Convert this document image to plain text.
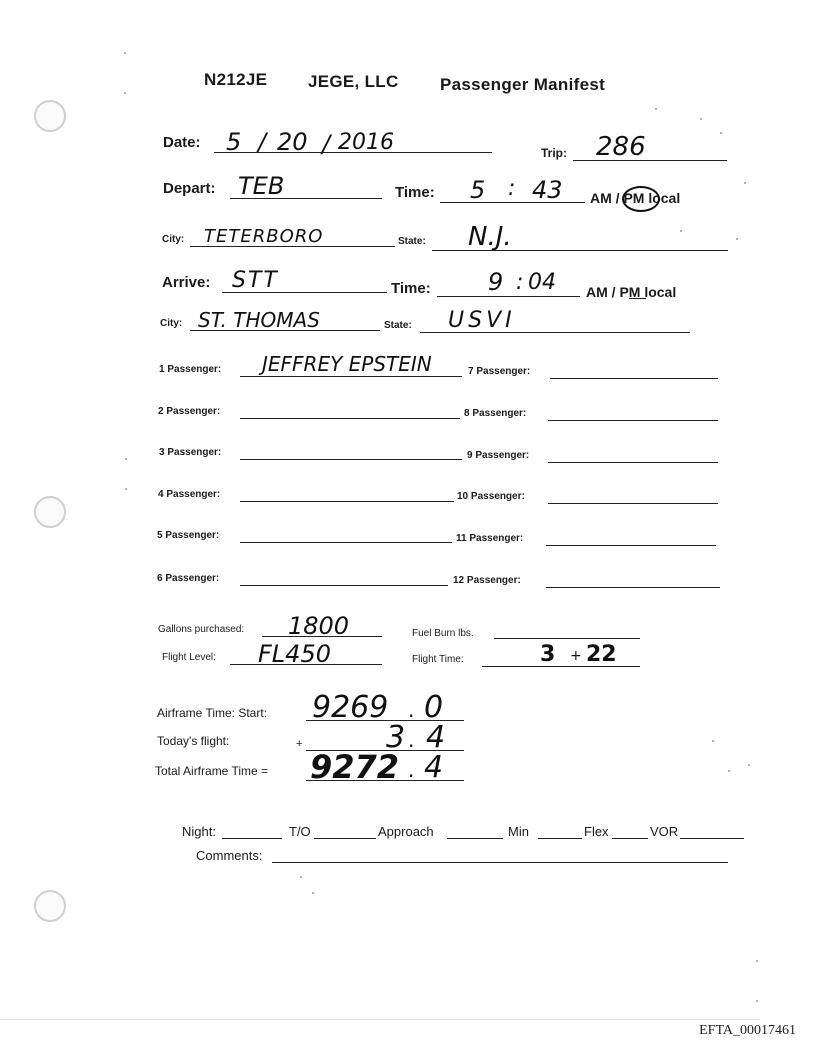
N212JE JEGE, LLC Passenger Manifest
Date: 5 / 20 / 2016	Trip: 286
Depart: TEB	Time: 5 : 43 AM / PM local
City: TETERBORO	State: N.J.
Arrive: STT	Time: 9 : 04 AM / PM local
City: ST. THOMAS	State: USVI
1 Passenger: JEFFREY EPSTEIN
2 Passenger:
3 Passenger:
4 Passenger:
5 Passenger:
6 Passenger:
7 Passenger:
8 Passenger:
9 Passenger:
10 Passenger:
11 Passenger:
12 Passenger:
Gallons purchased: 1800	Fuel Burn lbs.
Flight Level: FL450	Flight Time:	3 + 22
Airframe Time: Start: 9269 . 0
Today's flight:	+	3 . 4
Total Airframe Time = 9272 . 4
Night:	T/O	Approach	Min	Flex	VOR
Comments:
EFTA_00017461
